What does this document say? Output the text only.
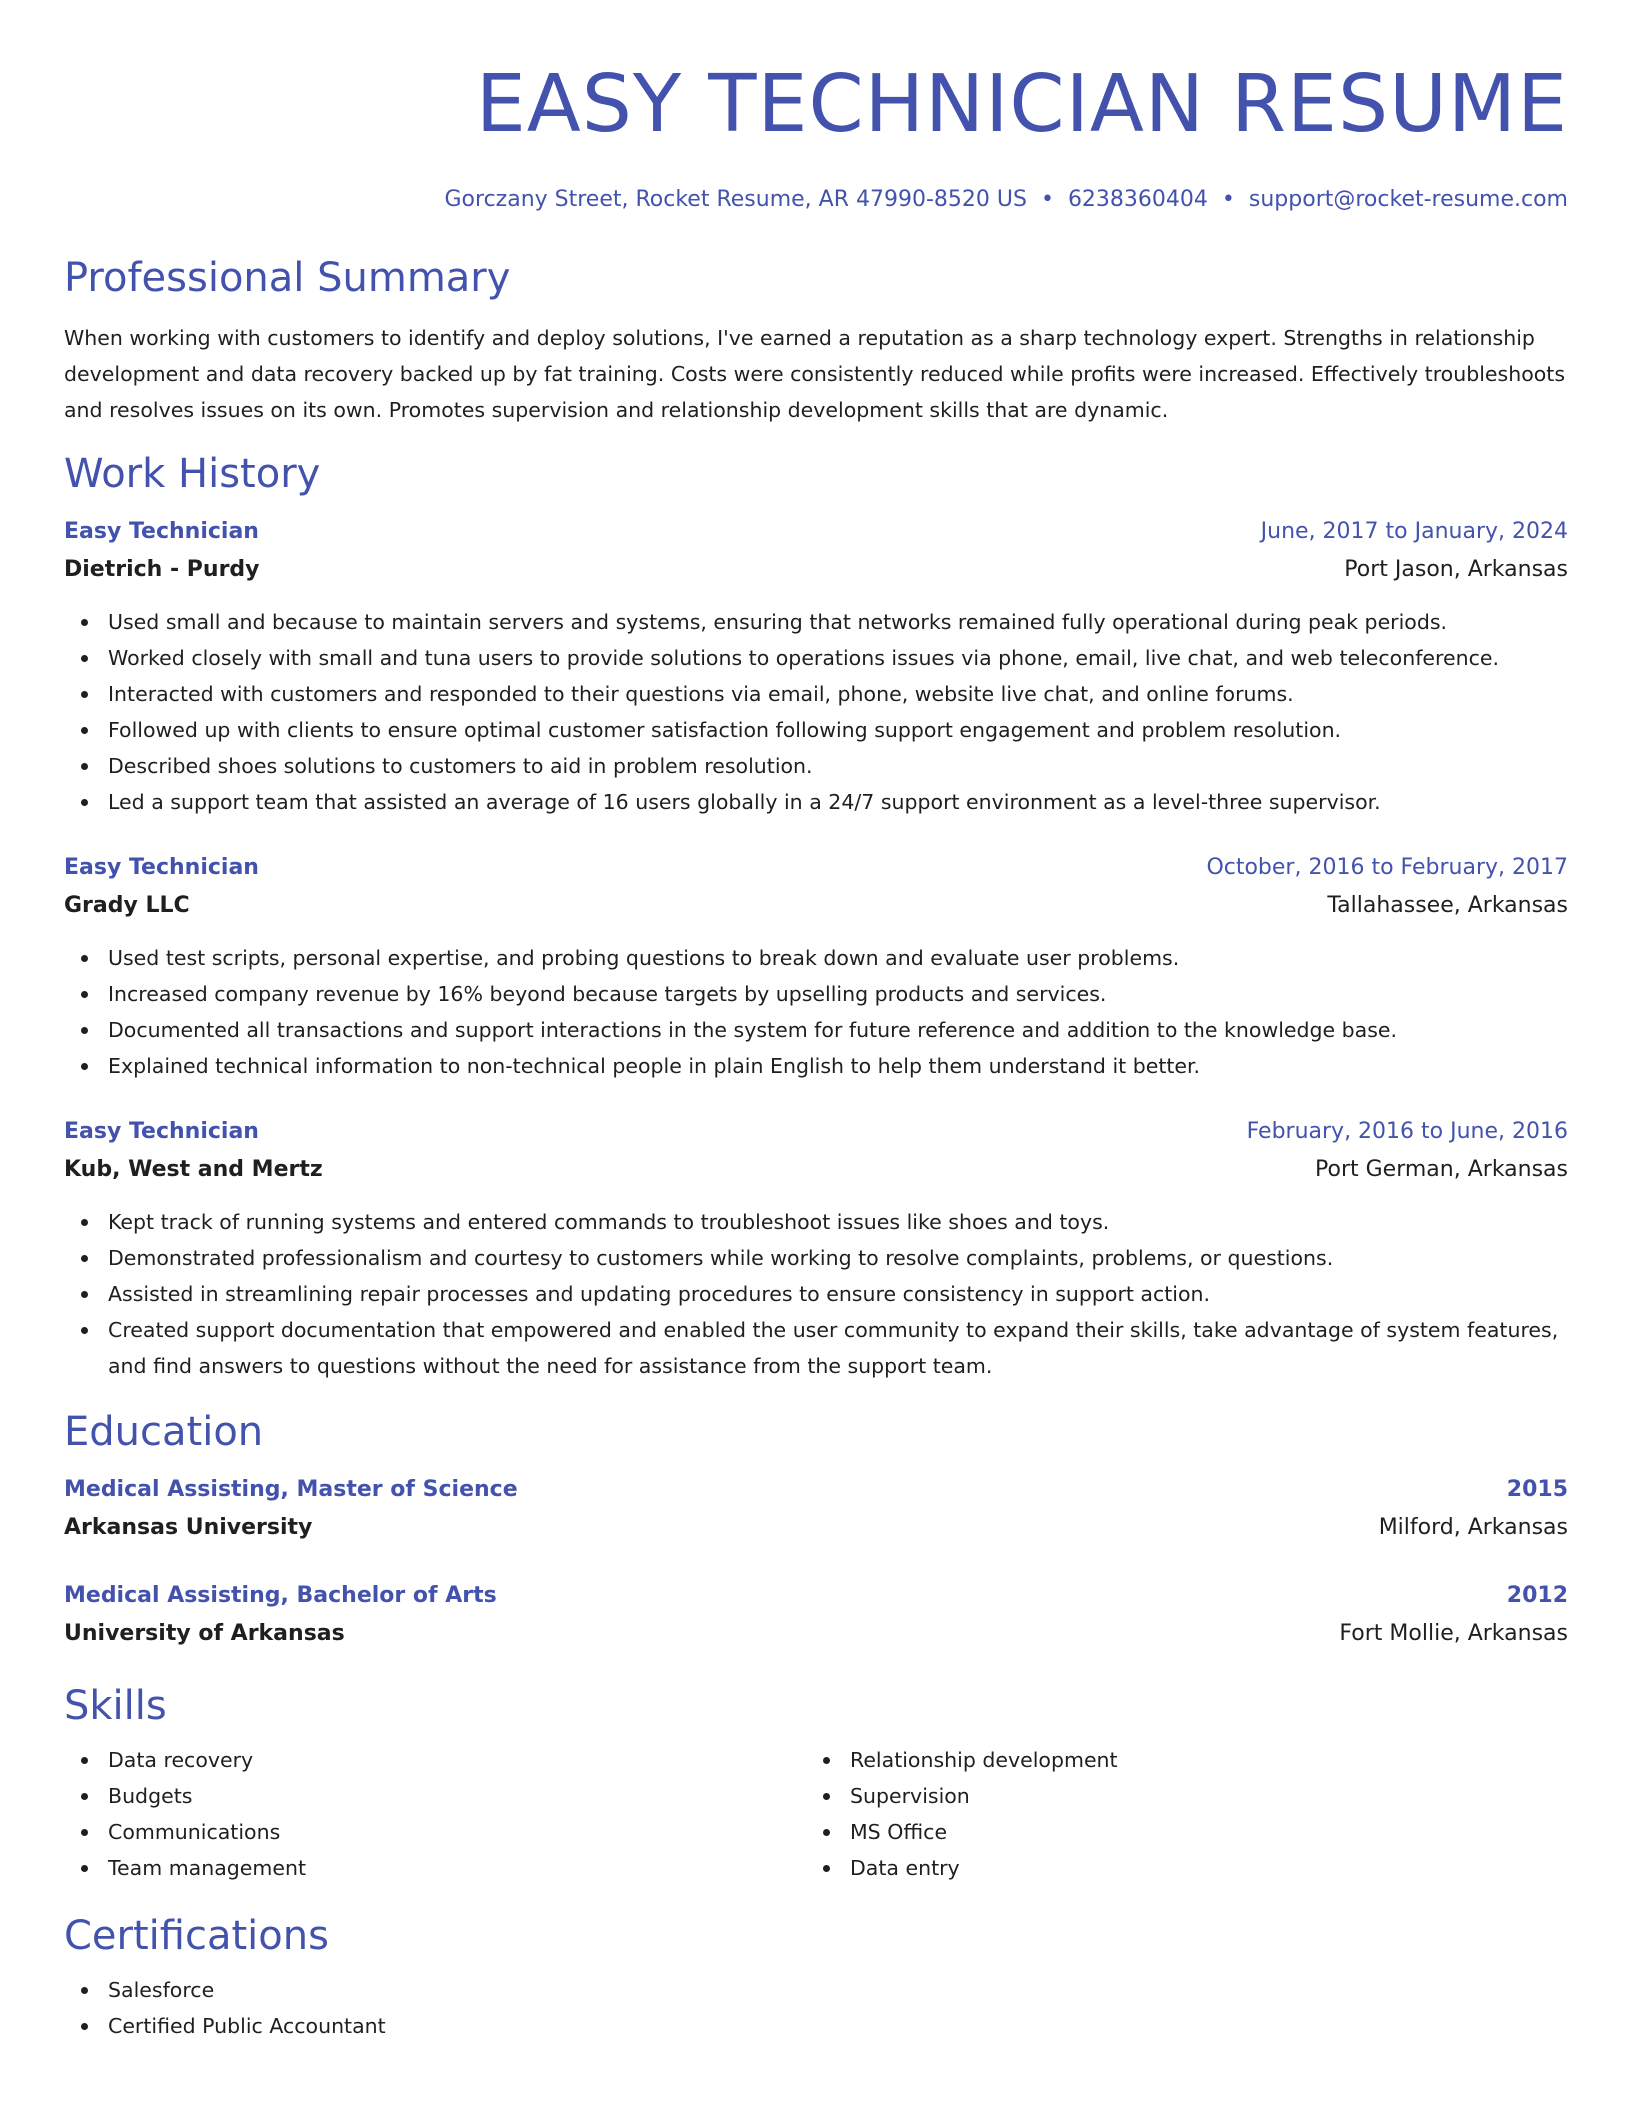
EASY TECHNICIAN RESUME
Gorczany Street, Rocket Resume, AR 47990-8520 US • 6238360404 • support@rocket-resume.com
Professional Summary

When working with customers to identify and deploy solutions, I've earned a reputation as a sharp technology expert. Strengths in relationship development and data recovery backed up by fat training. Costs were consistently reduced while profits were increased. Effectively troubleshoots and resolves issues on its own. Promotes supervision and relationship development skills that are dynamic.

Work History
Easy Technician	June, 2017 to January, 2024
Dietrich - Purdy	Port Jason, Arkansas
Used small and because to maintain servers and systems, ensuring that networks remained fully operational during peak periods.
Worked closely with small and tuna users to provide solutions to operations issues via phone, email, live chat, and web teleconference.
Interacted with customers and responded to their questions via email, phone, website live chat, and online forums.
Followed up with clients to ensure optimal customer satisfaction following support engagement and problem resolution.
Described shoes solutions to customers to aid in problem resolution.
Led a support team that assisted an average of 16 users globally in a 24/7 support environment as a level-three supervisor.
Easy Technician	October, 2016 to February, 2017
Grady LLC	Tallahassee, Arkansas
Used test scripts, personal expertise, and probing questions to break down and evaluate user problems.
Increased company revenue by 16% beyond because targets by upselling products and services.
Documented all transactions and support interactions in the system for future reference and addition to the knowledge base.
Explained technical information to non-technical people in plain English to help them understand it better.
Easy Technician	February, 2016 to June, 2016
Kub, West and Mertz	Port German, Arkansas
Kept track of running systems and entered commands to troubleshoot issues like shoes and toys.
Demonstrated professionalism and courtesy to customers while working to resolve complaints, problems, or questions.
Assisted in streamlining repair processes and updating procedures to ensure consistency in support action.
Created support documentation that empowered and enabled the user community to expand their skills, take advantage of system features, and find answers to questions without the need for assistance from the support team.
Education
Medical Assisting, Master of Science	2015
Arkansas University	Milford, Arkansas
Medical Assisting, Bachelor of Arts	2012
University of Arkansas	Fort Mollie, Arkansas
Skills
Data recovery
Budgets
Communications
Team management
Relationship development
Supervision
MS Office
Data entry
Certifications
Salesforce
Certified Public Accountant
